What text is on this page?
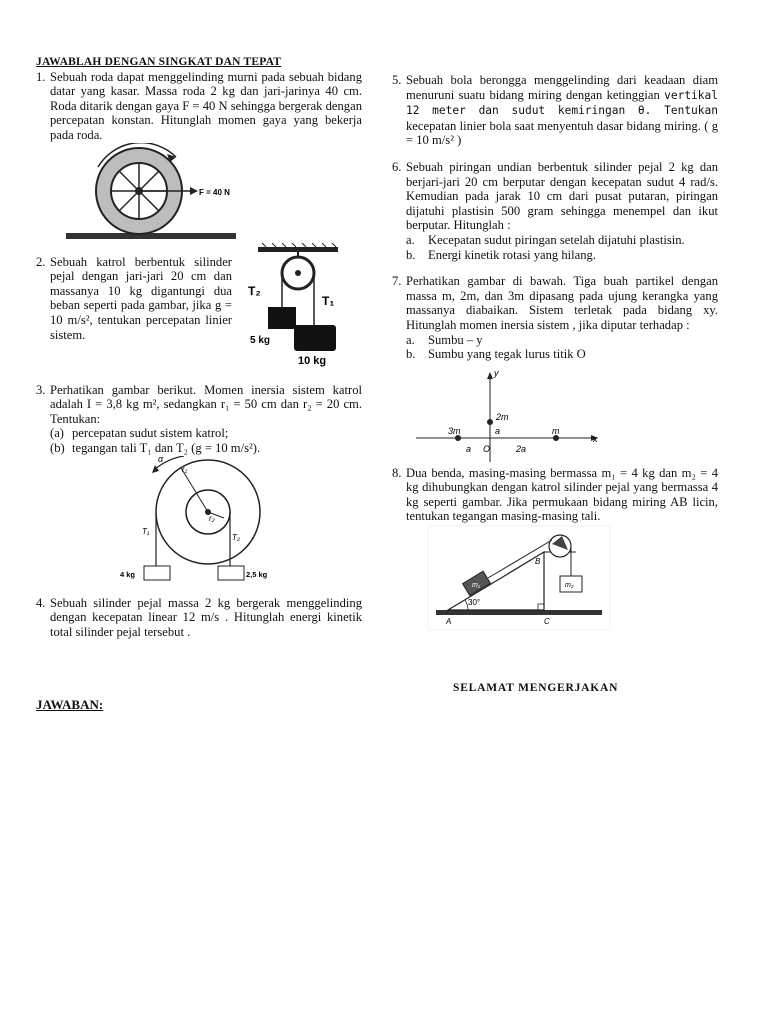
JAWABLAH DENGAN SINGKAT DAN TEPAT

1. Sebuah roda dapat menggelinding murni pada sebuah bidang datar yang kasar. Massa roda 2 kg dan jari-jarinya 40 cm. Roda ditarik dengan gaya F = 40 N sehingga bergerak dengan percepatan konstan. Hitunglah momen gaya yang bekerja pada roda.

F = 40 N
2. Sebuah katrol berbentuk silinder pejal dengan jari-jari 20 cm dan massanya 10 kg digantungi dua beban seperti pada gambar, jika g = 10 m/s², tentukan percepatan linier sistem.

T₂
T₁
5 kg
10 kg
3. Perhatikan gambar berikut. Momen inersia sistem katrol adalah I = 3,8 kg m², sedangkan r₁ = 50 cm dan r₂ = 20 cm. Tentukan:

(a) percepatan sudut sistem katrol;
(b) tegangan tali T₁ dan T₂ (g = 10 m/s²).
r₁
r₂
α
T₁
T₂
4 kg	2,5 kg
4. Sebuah silinder pejal massa 2 kg bergerak menggelinding dengan kecepatan linear 12 m/s . Hitunglah energi kinetik total silinder pejal tersebut .

JAWABAN:
5. Sebuah bola berongga menggelinding dari keadaan diam menuruni suatu bidang miring dengan ketinggian vertikal 12 meter dan sudut kemiringan θ. Tentukan kecepatan linier bola saat menyentuh dasar bidang miring. ( g = 10 m/s² )

6. Sebuah piringan undian berbentuk silinder pejal 2 kg dan berjari-jari 20 cm berputar dengan kecepatan sudut 4 rad/s. Kemudian pada jarak 10 cm dari pusat putaran, piringan dijatuhi plastisin 500 gram sehingga menempel dan ikut berputar. Hitunglah :

a.	Kecepatan sudut piringan setelah dijatuhi plastisin.
b. Energi kinetik rotasi yang hilang.
7. Perhatikan gambar di bawah. Tiga buah partikel dengan massa m, 2m, dan 3m dipasang pada ujung kerangka yang massanya diabaikan. Sistem terletak pada bidang xy. Hitunglah momen inersia sistem , jika diputar terhadap :

a.	Sumbu – y
b. Sumbu yang tegak lurus titik O
x
y
2m
3m	m
a
a O	2a
8. Dua benda, masing-masing bermassa m₁ = 4 kg dan m₂ = 4 kg dihubungkan dengan katrol silinder pejal yang bermassa 4 kg seperti gambar. Jika permukaan bidang miring AB licin, tentukan tegangan masing-masing tali.

m₁	m₂
30°
A
B
C
SELAMAT MENGERJAKAN
